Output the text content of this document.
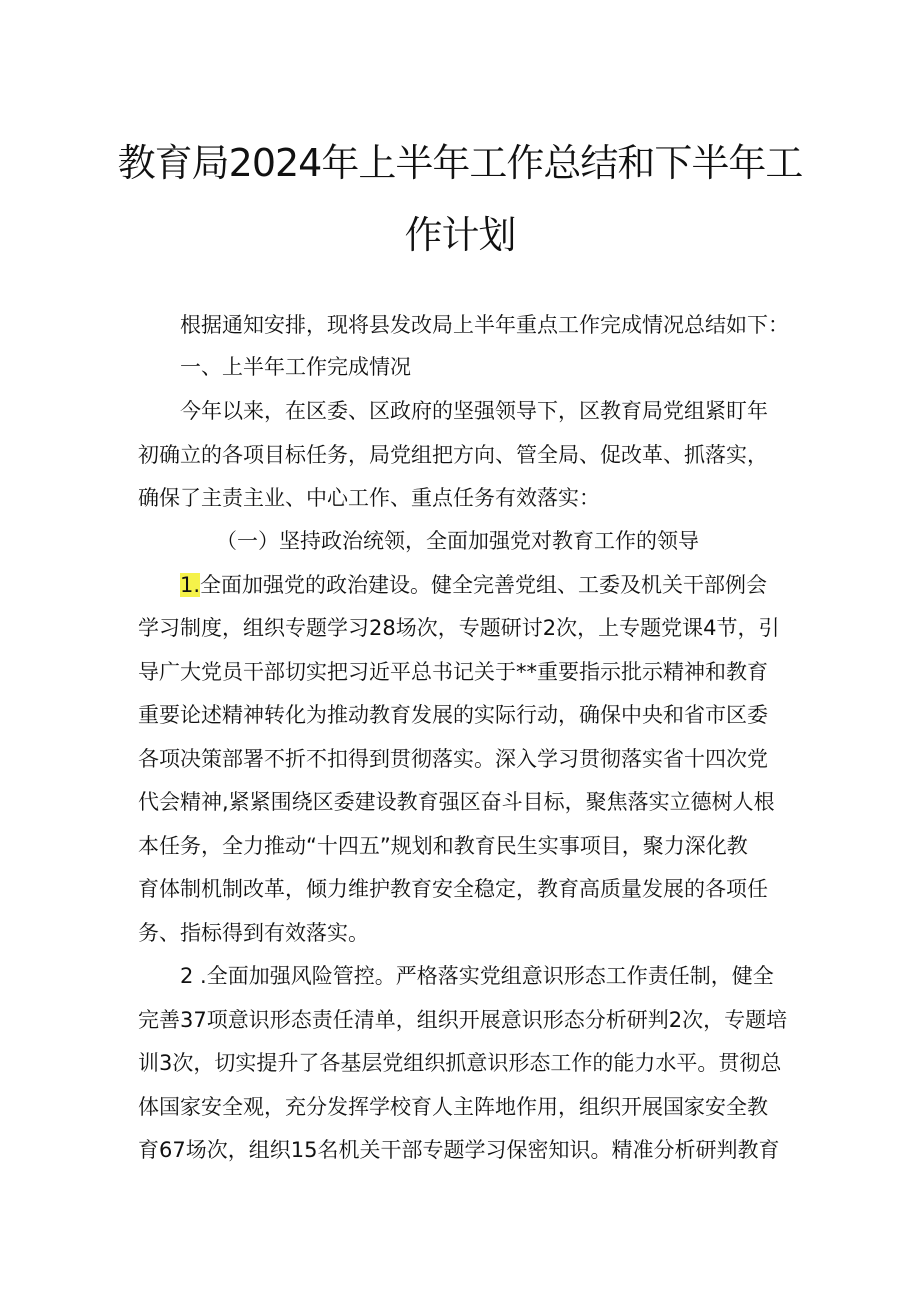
教育局2024年上半年工作总结和下半年工
作计划
根据通知安排，现将县发改局上半年重点工作完成情况总结如下：
一、上半年工作完成情况
今年以来，在区委、区政府的坚强领导下，区教育局党组紧盯年
初确立的各项目标任务，局党组把方向、管全局、促改革、抓落实，
确保了主责主业、中心工作、重点任务有效落实：
（一）坚持政治统领，全面加强党对教育工作的领导
1.全面加强党的政治建设。健全完善党组、工委及机关干部例会
学习制度，组织专题学习28场次，专题研讨2次，上专题党课4节，引
导广大党员干部切实把习近平总书记关于**重要指示批示精神和教育
重要论述精神转化为推动教育发展的实际行动，确保中央和省市区委
各项决策部署不折不扣得到贯彻落实。深入学习贯彻落实省十四次党
代会精神,紧紧围绕区委建设教育强区奋斗目标，聚焦落实立德树人根
本任务，全力推动“十四五”规划和教育民生实事项目，聚力深化教
育体制机制改革，倾力维护教育安全稳定，教育高质量发展的各项任
务、指标得到有效落实。
2 .全面加强风险管控。严格落实党组意识形态工作责任制，健全
完善37项意识形态责任清单，组织开展意识形态分析研判2次，专题培
训3次，切实提升了各基层党组织抓意识形态工作的能力水平。贯彻总
体国家安全观，充分发挥学校育人主阵地作用，组织开展国家安全教
育67场次，组织15名机关干部专题学习保密知识。精准分析研判教育
